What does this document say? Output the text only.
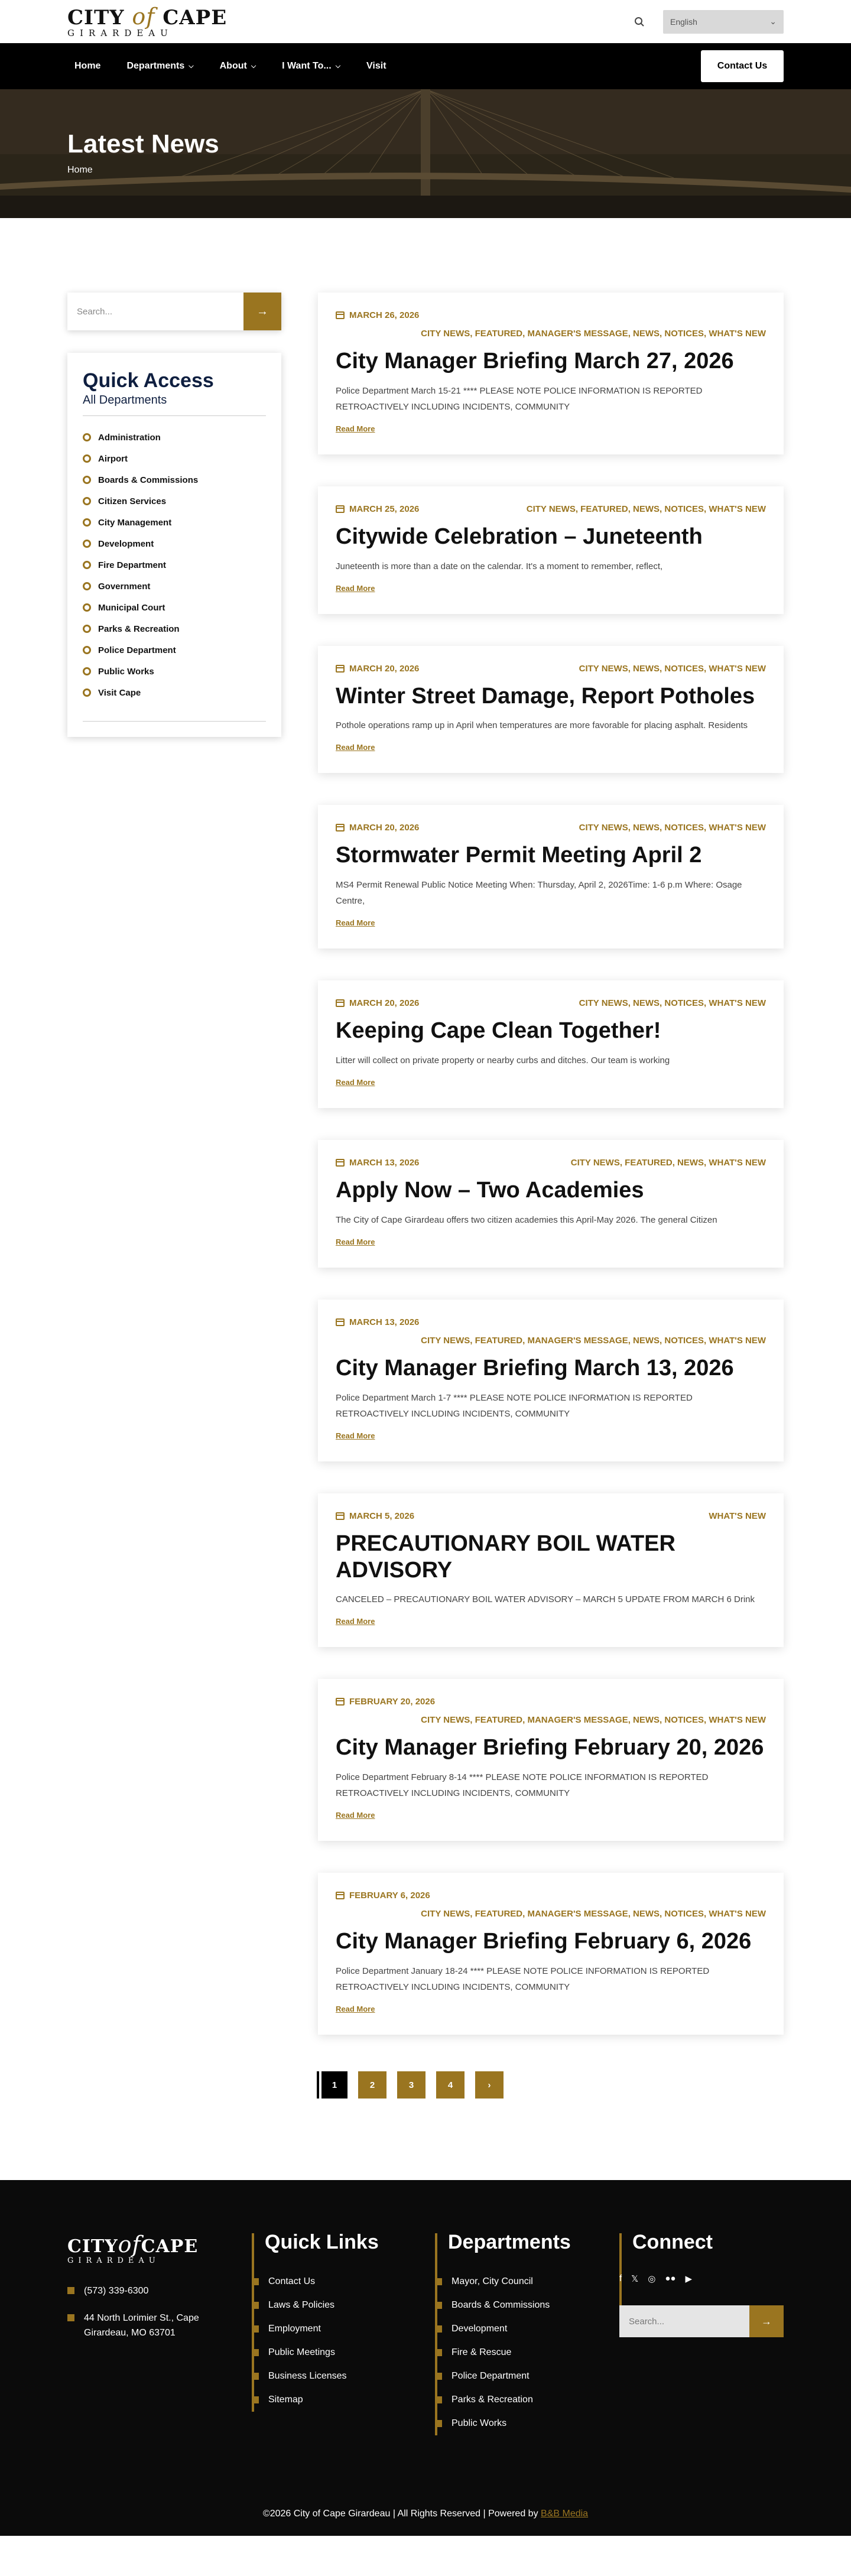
CITY of CAPE
GIRARDEAU
English	⌄
Home	Departments ⌵	About ⌵	I Want To... ⌵	Visit	Contact Us
Latest News
Home
Search...	→
Quick Access
All Departments
Administration
Airport
Boards & Commissions
Citizen Services
City Management
Development
Fire Department
Government
Municipal Court
Parks & Recreation
Police Department
Public Works
Visit Cape
MARCH 26, 2026
CITY NEWS, FEATURED, MANAGER'S MESSAGE, NEWS, NOTICES, WHAT'S NEW
City Manager Briefing March 27, 2026

Police Department March 15-21 **** PLEASE NOTE POLICE INFORMATION IS REPORTED RETROACTIVELY INCLUDING INCIDENTS, COMMUNITY

Read More
MARCH 25, 2026	CITY NEWS, FEATURED, NEWS, NOTICES, WHAT'S NEW
Citywide Celebration – Juneteenth

Juneteenth is more than a date on the calendar. It's a moment to remember, reflect,

Read More
MARCH 20, 2026	CITY NEWS, NEWS, NOTICES, WHAT'S NEW
Winter Street Damage, Report Potholes

Pothole operations ramp up in April when temperatures are more favorable for placing asphalt. Residents

Read More
MARCH 20, 2026	CITY NEWS, NEWS, NOTICES, WHAT'S NEW
Stormwater Permit Meeting April 2

MS4 Permit Renewal Public Notice Meeting When: Thursday, April 2, 2026Time: 1-6 p.m Where: Osage Centre,

Read More
MARCH 20, 2026	CITY NEWS, NEWS, NOTICES, WHAT'S NEW
Keeping Cape Clean Together!

Litter will collect on private property or nearby curbs and ditches. Our team is working

Read More
MARCH 13, 2026	CITY NEWS, FEATURED, NEWS, WHAT'S NEW
Apply Now – Two Academies

The City of Cape Girardeau offers two citizen academies this April-May 2026. The general Citizen

Read More
MARCH 13, 2026
CITY NEWS, FEATURED, MANAGER'S MESSAGE, NEWS, NOTICES, WHAT'S NEW
City Manager Briefing March 13, 2026

Police Department March 1-7 **** PLEASE NOTE POLICE INFORMATION IS REPORTED RETROACTIVELY INCLUDING INCIDENTS, COMMUNITY

Read More
MARCH 5, 2026	WHAT'S NEW
PRECAUTIONARY BOIL WATER ADVISORY

CANCELED – PRECAUTIONARY BOIL WATER ADVISORY – MARCH 5 UPDATE FROM MARCH 6 Drink

Read More
FEBRUARY 20, 2026
CITY NEWS, FEATURED, MANAGER'S MESSAGE, NEWS, NOTICES, WHAT'S NEW
City Manager Briefing February 20, 2026

Police Department February 8-14 **** PLEASE NOTE POLICE INFORMATION IS REPORTED RETROACTIVELY INCLUDING INCIDENTS, COMMUNITY

Read More
FEBRUARY 6, 2026
CITY NEWS, FEATURED, MANAGER'S MESSAGE, NEWS, NOTICES, WHAT'S NEW
City Manager Briefing February 6, 2026

Police Department January 18-24 **** PLEASE NOTE POLICE INFORMATION IS REPORTED RETROACTIVELY INCLUDING INCIDENTS, COMMUNITY

Read More
1	2	3	4	›
CITYofCAPE
GIRARDEAU
(573) 339-6300
44 North Lorimier St., Cape Girardeau, MO 63701
Quick Links
Contact Us
Laws & Policies
Employment
Public Meetings
Business Licenses
Sitemap
Departments
Mayor, City Council
Boards & Commissions
Development
Fire & Rescue
Police Department
Parks & Recreation
Public Works
Connect
f 𝕏 ◎ ●● ▶
Search...	→
©2026 City of Cape Girardeau | All Rights Reserved | Powered by B&B Media
